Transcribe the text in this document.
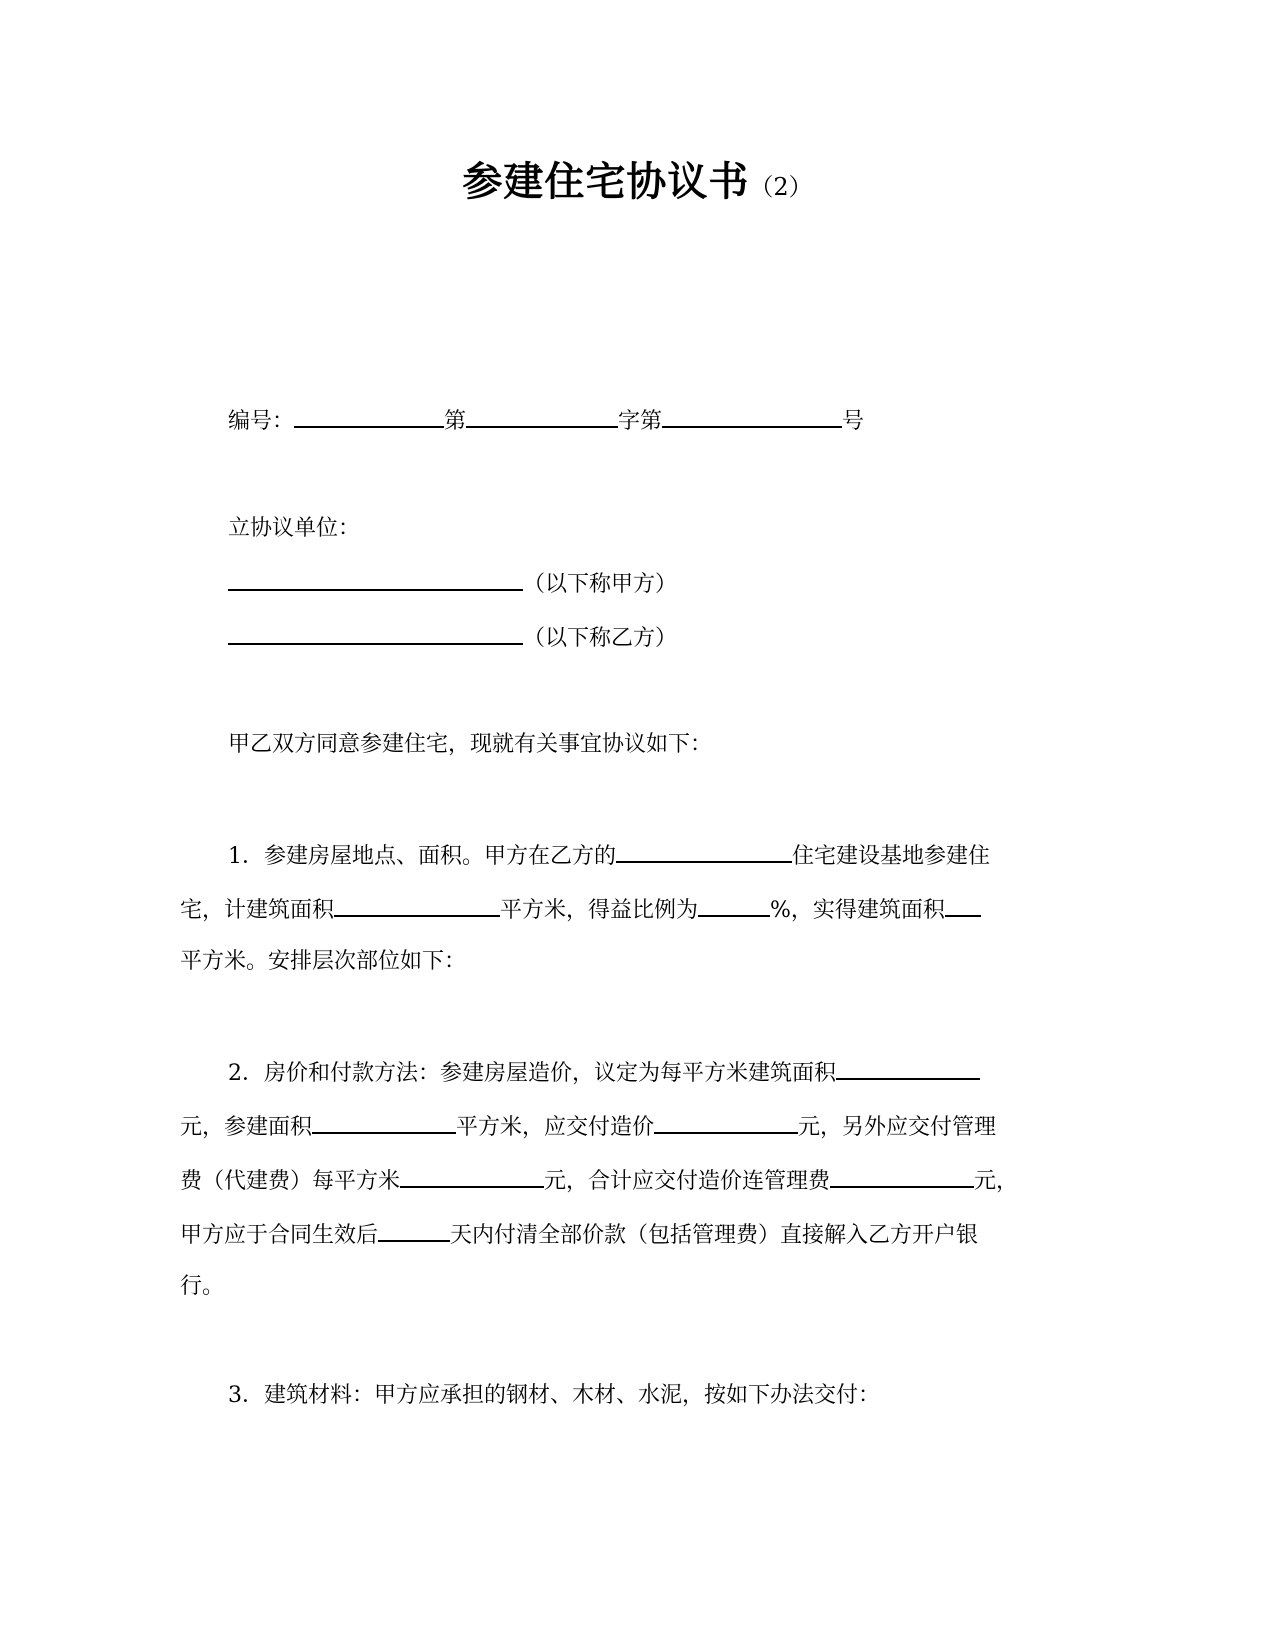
参建住宅协议书（2）
编号：	第	字第	号
立协议单位：
（以下称甲方）
（以下称乙方）
甲乙双方同意参建住宅，现就有关事宜协议如下：
1．参建房屋地点、面积。甲方在乙方的	住宅建设基地参建住
宅，计建筑面积	平方米，得益比例为	%，实得建筑面积
平方米。安排层次部位如下：
2．房价和付款方法：参建房屋造价，议定为每平方米建筑面积
元，参建面积	平方米，应交付造价	元，另外应交付管理
费（代建费）每平方米	元，合计应交付造价连管理费	元，
甲方应于合同生效后	天内付清全部价款（包括管理费）直接解入乙方开户银
行。
3．建筑材料：甲方应承担的钢材、木材、水泥，按如下办法交付：
